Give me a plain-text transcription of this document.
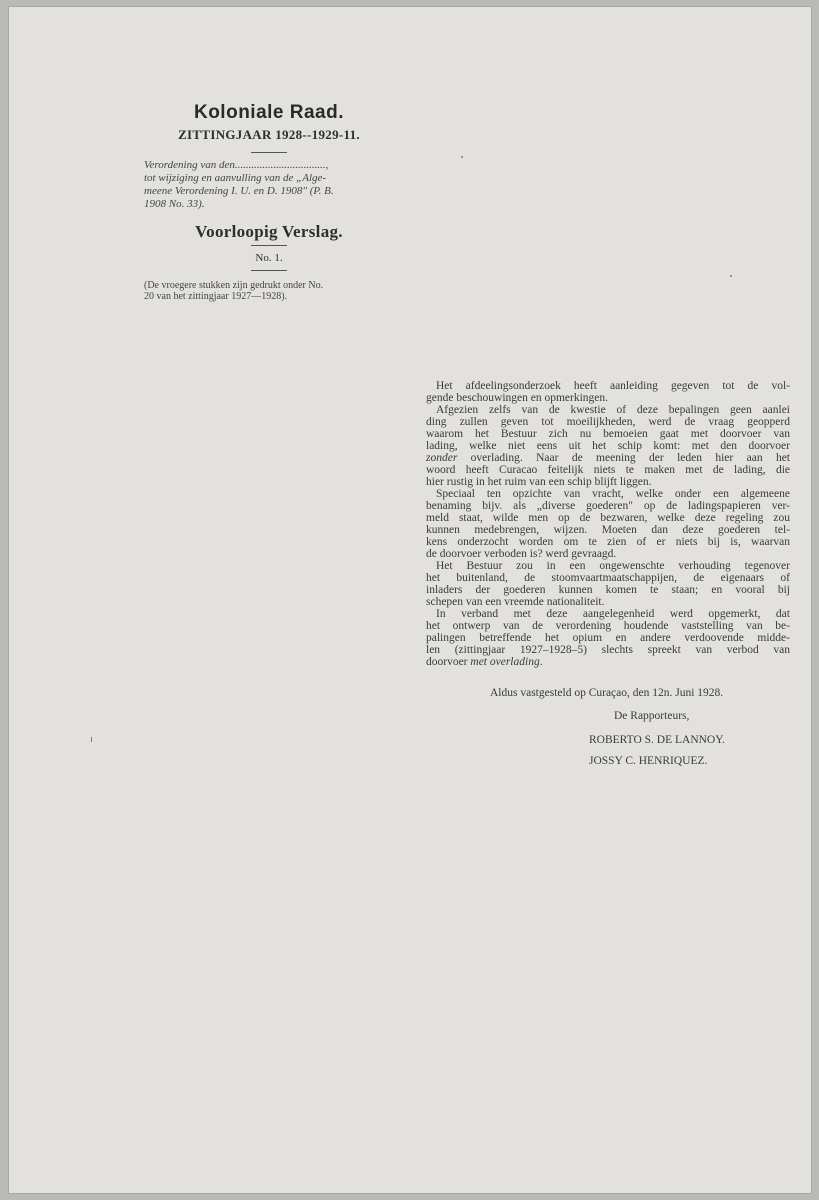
Koloniale Raad.

ZITTINGJAAR 1928--1929-11.

Verordening van den.................................,
tot wijziging en aanvulling van de „Alge-
meene Verordening I. U. en D. 1908" (P. B.
1908 No. 33).

Voorloopig Verslag.

No. 1.

(De vroegere stukken zijn gedrukt onder No.
20 van het zittingjaar 1927—1928).

Het afdeelingsonderzoek heeft aanleiding gegeven tot de vol-
gende beschouwingen en opmerkingen.
Afgezien zelfs van de kwestie of deze bepalingen geen aanlei
ding zullen geven tot moeilijkheden, werd de vraag geopperd
waarom het Bestuur zich nu bemoeien gaat met doorvoer van
lading, welke niet eens uit het schip komt: met den doorvoer
zonder overlading. Naar de meening der leden hier aan het
woord heeft Curacao feitelijk niets te maken met de lading, die
hier rustig in het ruim van een schip blijft liggen.
Speciaal ten opzichte van vracht, welke onder een algemeene
benaming bijv. als „diverse goederen" op de ladingspapieren ver-
meld staat, wilde men op de bezwaren, welke deze regeling zou
kunnen medebrengen, wijzen. Moeten dan deze goederen tel-
kens onderzocht worden om te zien of er niets bij is, waarvan
de doorvoer verboden is? werd gevraagd.
Het Bestuur zou in een ongewenschte verhouding tegenover
het buitenland, de stoomvaartmaatschappijen, de eigenaars of
inladers der goederen kunnen komen te staan; en vooral bij
schepen van een vreemde nationaliteit.
In verband met deze aangelegenheid werd opgemerkt, dat
het ontwerp van de verordening houdende vaststelling van be-
palingen betreffende het opium en andere verdoovende midde-
len (zittingjaar 1927–1928–5) slechts spreekt van verbod van
doorvoer met overlading.
Aldus vastgesteld op Curaçao, den 12n. Juni 1928.
De Rapporteurs,
ROBERTO S. DE LANNOY.
JOSSY C. HENRIQUEZ.
